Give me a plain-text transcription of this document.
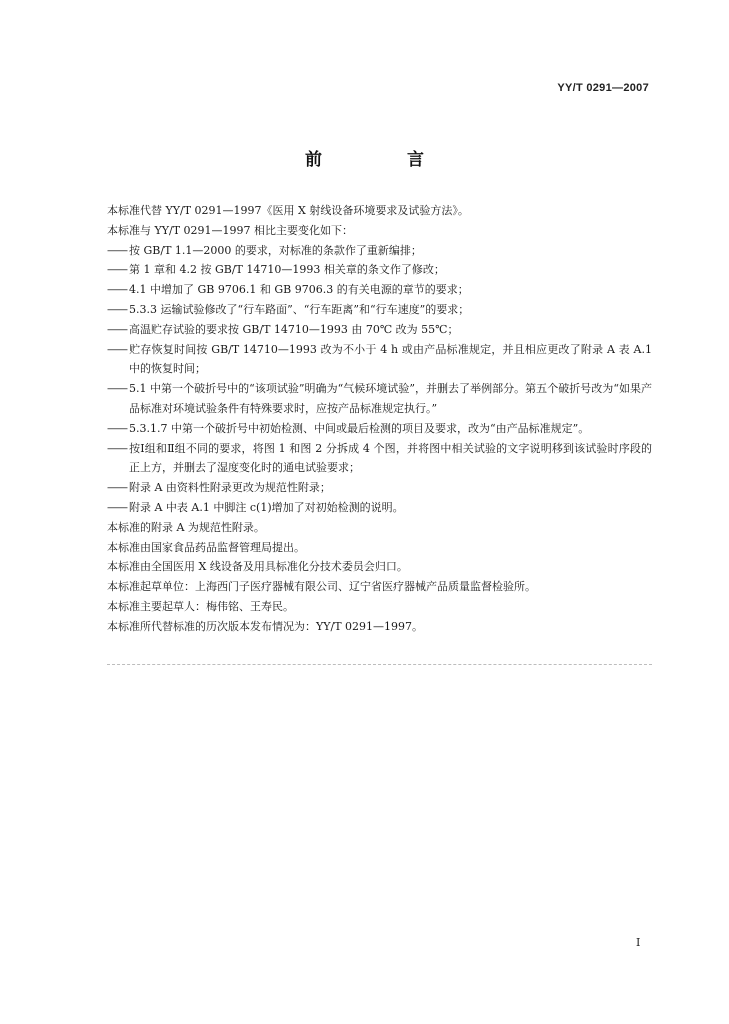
YY/T 0291—2007
前　言

本标准代替 YY/T 0291—1997《医用 X 射线设备环境要求及试验方法》。

本标准与 YY/T 0291—1997 相比主要变化如下：

—— 按 GB/T 1.1—2000 的要求，对标准的条款作了重新编排；

—— 第 1 章和 4.2 按 GB/T 14710—1993 相关章的条文作了修改；

—— 4.1 中增加了 GB 9706.1 和 GB 9706.3 的有关电源的章节的要求；

—— 5.3.3 运输试验修改了“行车路面”、“行车距离”和“行车速度”的要求；

—— 高温贮存试验的要求按 GB/T 14710—1993 由 70℃ 改为 55℃；

—— 贮存恢复时间按 GB/T 14710—1993 改为不小于 4 h 或由产品标准规定，并且相应更改了附录 A 表 A.1 中的恢复时间；

—— 5.1 中第一个破折号中的“该项试验”明确为“气候环境试验”，并删去了举例部分。第五个破折号改为“如果产品标准对环境试验条件有特殊要求时，应按产品标准规定执行。”

—— 5.3.1.7 中第一个破折号中初始检测、中间或最后检测的项目及要求，改为“由产品标准规定”。

—— 按Ⅰ组和Ⅱ组不同的要求，将图 1 和图 2 分拆成 4 个图，并将图中相关试验的文字说明移到该试验时序段的正上方，并删去了湿度变化时的通电试验要求；

—— 附录 A 由资料性附录更改为规范性附录；

—— 附录 A 中表 A.1 中脚注 c(1)增加了对初始检测的说明。

本标准的附录 A 为规范性附录。

本标准由国家食品药品监督管理局提出。

本标准由全国医用 X 线设备及用具标准化分技术委员会归口。

本标准起草单位：上海西门子医疗器械有限公司、辽宁省医疗器械产品质量监督检验所。

本标准主要起草人：梅伟铭、王寿民。

本标准所代替标准的历次版本发布情况为：YY/T 0291—1997。

I
